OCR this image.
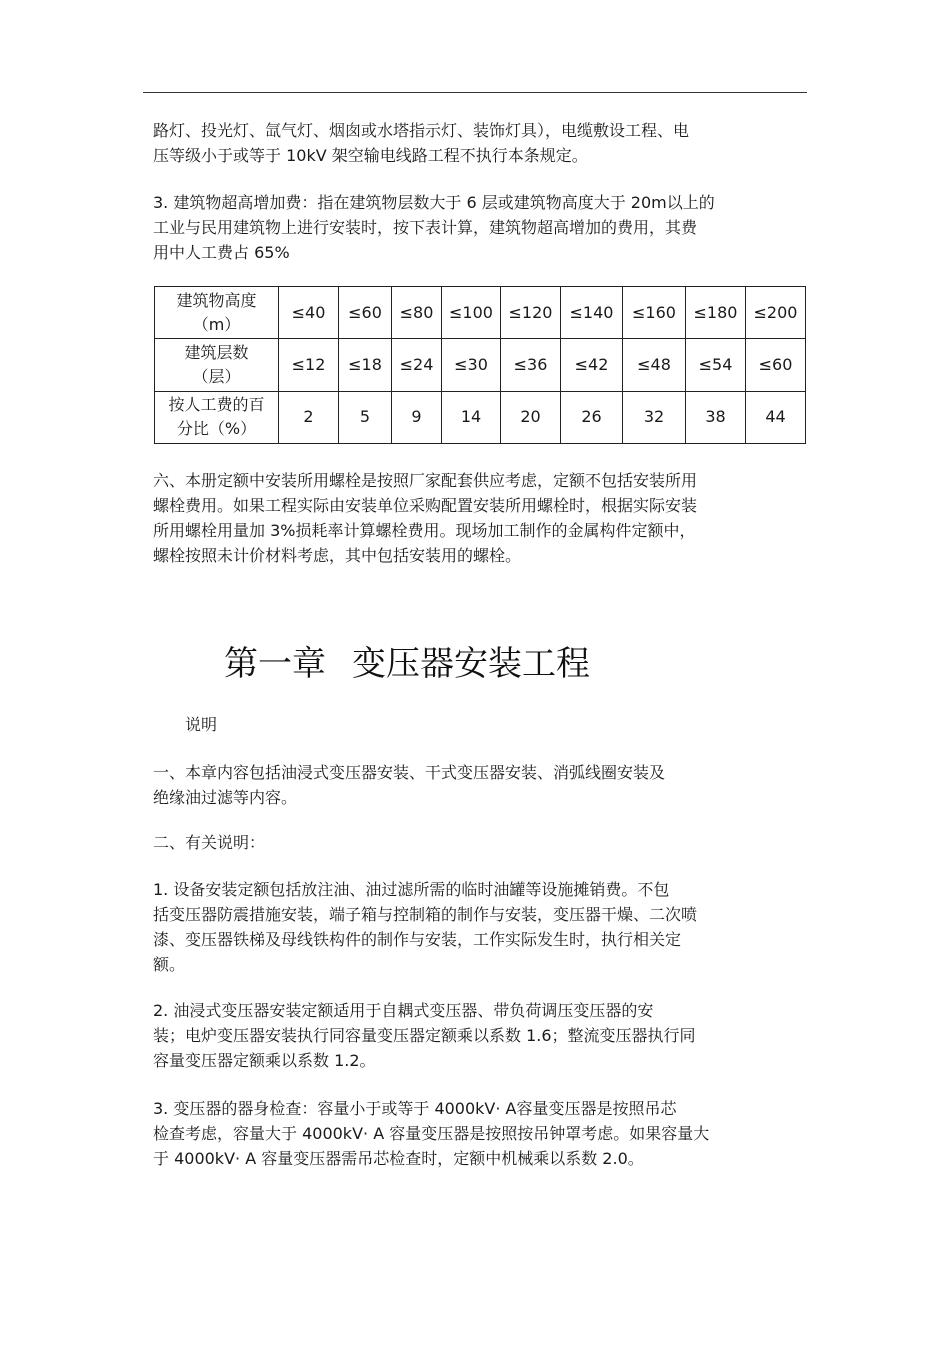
路灯、投光灯、氙气灯、烟囱或水塔指示灯、装饰灯具），电缆敷设工程、电

压等级小于或等于 10kV 架空输电线路工程不执行本条规定。

3. 建筑物超高增加费：指在建筑物层数大于 6 层或建筑物高度大于 20m以上的

工业与民用建筑物上进行安装时，按下表计算，建筑物超高增加的费用，其费

用中人工费占 65%

建筑物高度
（m）	≤40	≤60	≤80	≤100	≤120	≤140	≤160	≤180	≤200
建筑层数
（层）	≤12	≤18	≤24	≤30	≤36	≤42	≤48	≤54	≤60
按人工费的百
分比（%）	2	5	9	14	20	26	32	38	44

六、本册定额中安装所用螺栓是按照厂家配套供应考虑，定额不包括安装所用

螺栓费用。如果工程实际由安装单位采购配置安装所用螺栓时，根据实际安装

所用螺栓用量加 3%损耗率计算螺栓费用。现场加工制作的金属构件定额中，

螺栓按照未计价材料考虑，其中包括安装用的螺栓。

第一章 变压器安装工程

说明

一、本章内容包括油浸式变压器安装、干式变压器安装、消弧线圈安装及

绝缘油过滤等内容。

二、有关说明：

1. 设备安装定额包括放注油、油过滤所需的临时油罐等设施摊销费。不包

括变压器防震措施安装，端子箱与控制箱的制作与安装，变压器干燥、二次喷

漆、变压器铁梯及母线铁构件的制作与安装，工作实际发生时，执行相关定

额。

2. 油浸式变压器安装定额适用于自耦式变压器、带负荷调压变压器的安

装；电炉变压器安装执行同容量变压器定额乘以系数 1.6；整流变压器执行同

容量变压器定额乘以系数 1.2。

3. 变压器的器身检查：容量小于或等于 4000kV· A容量变压器是按照吊芯

检查考虑，容量大于 4000kV· A 容量变压器是按照按吊钟罩考虑。如果容量大

于 4000kV· A 容量变压器需吊芯检查时，定额中机械乘以系数 2.0。
